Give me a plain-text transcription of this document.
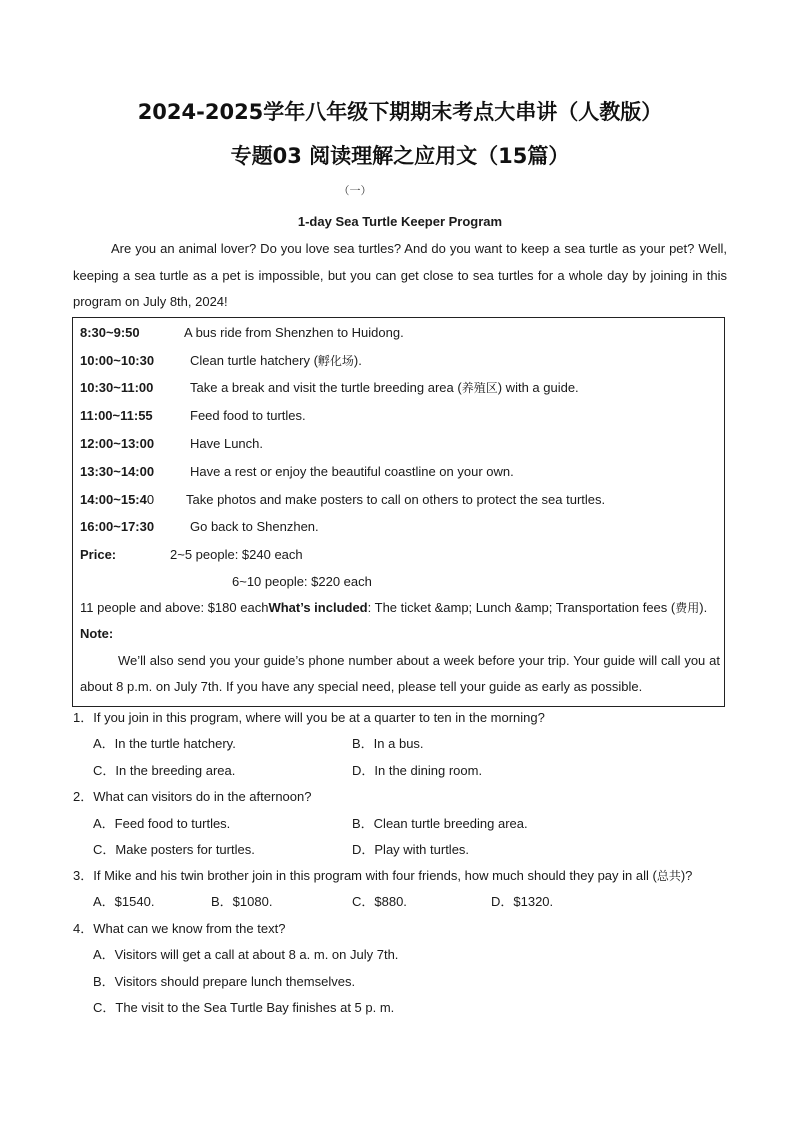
2024-2025学年八年级下期期末考点大串讲（人教版）
专题03 阅读理解之应用文（15篇）
（一）
1-day Sea Turtle Keeper Program

Are you an animal lover? Do you love sea turtles? And do you want to keep a sea turtle as your pet? Well, keeping a sea turtle as a pet is impossible, but you can get close to sea turtles for a whole day by joining in this program on July 8th, 2024!

8:30~9:50	A bus ride from Shenzhen to Huidong.
10:00~10:30	Clean turtle hatchery (孵化场).
10:30~11:00	Take a break and visit the turtle breeding area (养殖区) with a guide.
11:00~11:55	Feed food to turtles.
12:00~13:00	Have Lunch.
13:30~14:00	Have a rest or enjoy the beautiful coastline on your own.
14:00~15:40 Take photos and make posters to call on others to protect the sea turtles.
16:00~17:30	Go back to Shenzhen.
Price:	2~5 people: $240 each
6~10 people: $220 each
11 people and above: $180 eachWhat’s included: The ticket &amp; Lunch &amp; Transportation fees (费用).
Note:

We’ll also send you your guide’s phone number about a week before your trip. Your guide will call you at about 8 p.m. on July 7th. If you have any special need, please tell your guide as early as possible.

1．If you join in this program, where will you be at a quarter to ten in the morning?
A．In the turtle hatchery.	B．In a bus.
C．In the breeding area.	D．In the dining room.
2．What can visitors do in the afternoon?
A．Feed food to turtles.	B．Clean turtle breeding area.
C．Make posters for turtles.	D．Play with turtles.
3．If Mike and his twin brother join in this program with four friends, how much should they pay in all (总共)?
A．$1540.	B．$1080.	C．$880.	D．$1320.
4．What can we know from the text?
A．Visitors will get a call at about 8 a. m. on July 7th.
B．Visitors should prepare lunch themselves.
C．The visit to the Sea Turtle Bay finishes at 5 p. m.
